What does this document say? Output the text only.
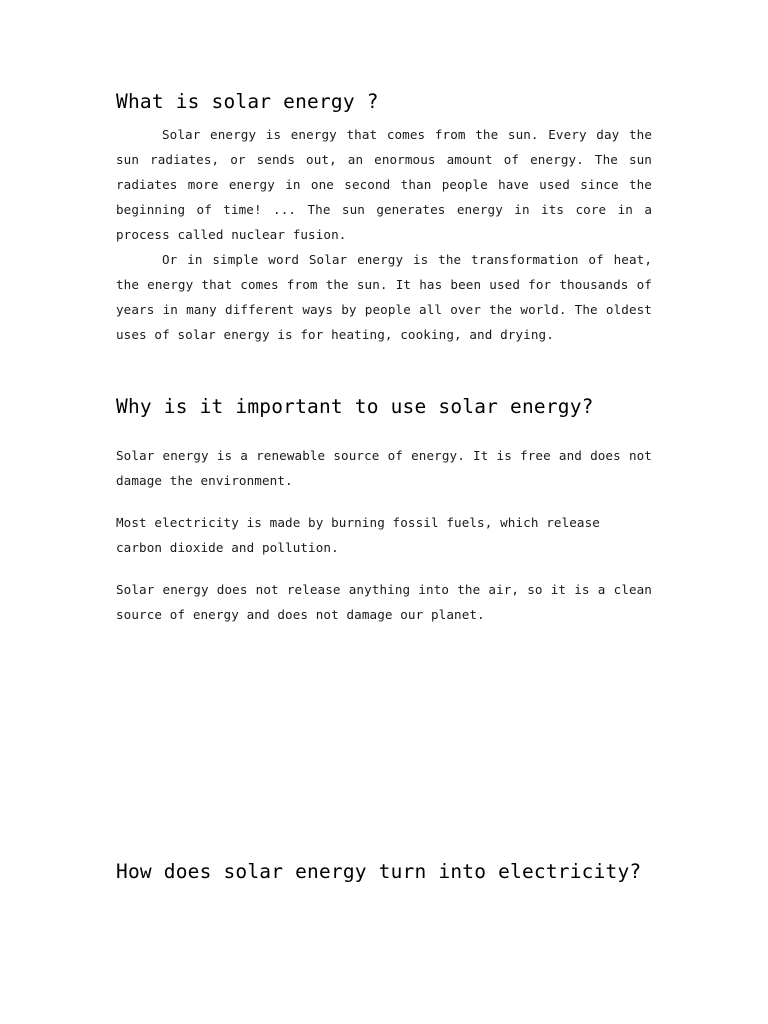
What is solar energy ?

Solar energy is energy that comes from the sun. Every day the sun radiates, or sends out, an enormous amount of energy. The sun radiates more energy in one second than people have used since the beginning of time! ... The sun generates energy in its core in a process called nuclear fusion.

Or in simple word Solar energy is the transformation of heat, the energy that comes from the sun. It has been used for thousands of years in many different ways by people all over the world. The oldest uses of solar energy is for heating, cooking, and drying.

Why is it important to use solar energy?

Solar energy is a renewable source of energy. It is free and does not damage the environment.

Most electricity is made by burning fossil fuels, which release carbon dioxide and pollution.

Solar energy does not release anything into the air, so it is a clean source of energy and does not damage our planet.

How does solar energy turn into electricity?
